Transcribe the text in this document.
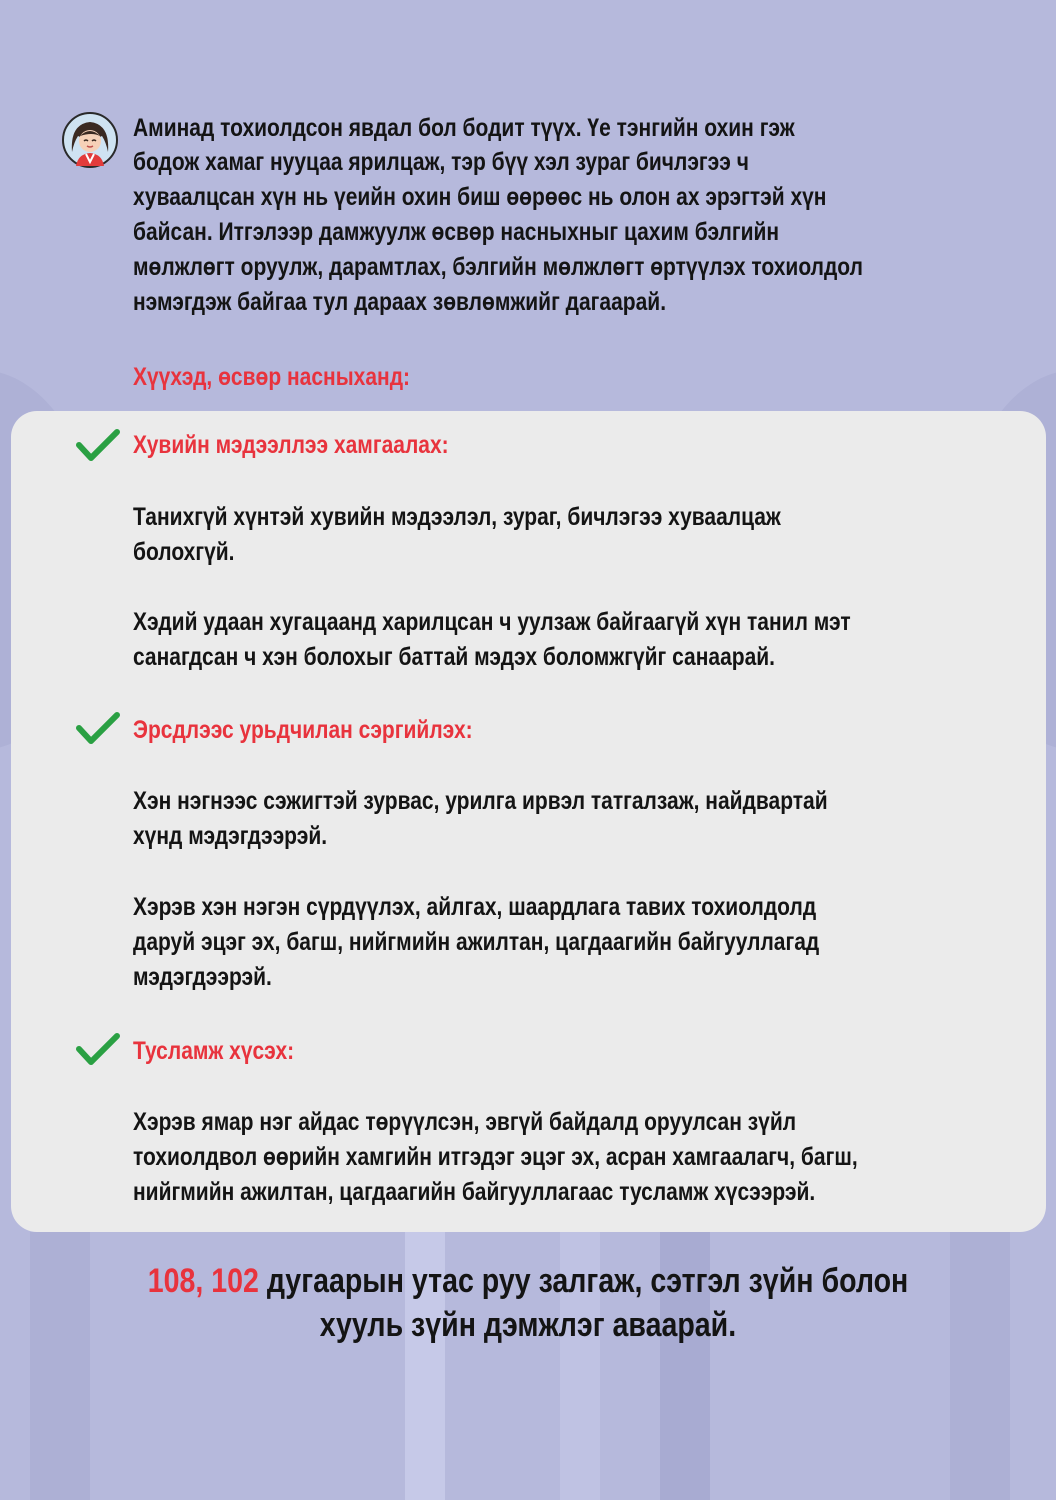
Аминад тохиолдсон явдал бол бодит түүх. Үе тэнгийн охин гэж

бодож хамаг нууцаа ярилцаж, тэр бүү хэл зураг бичлэгээ ч

хуваалцсан хүн нь үеийн охин биш өөрөөс нь олон ах эрэгтэй хүн

байсан. Итгэлээр дамжуулж өсвөр насныхныг цахим бэлгийн

мөлжлөгт оруулж, дарамтлах, бэлгийн мөлжлөгт өртүүлэх тохиолдол

нэмэгдэж байгаа тул дараах зөвлөмжийг дагаарай.

Хүүхэд, өсвөр насныханд:

Хувийн мэдээллээ хамгаалах:

Танихгүй хүнтэй хувийн мэдээлэл, зураг, бичлэгээ хуваалцаж

болохгүй.

Хэдий удаан хугацаанд харилцсан ч уулзаж байгаагүй хүн танил мэт

санагдсан ч хэн болохыг баттай мэдэх боломжгүйг санаарай.

Эрсдлээс урьдчилан сэргийлэх:

Хэн нэгнээс сэжигтэй зурвас, урилга ирвэл татгалзаж, найдвартай

хүнд мэдэгдээрэй.

Хэрэв хэн нэгэн сүрдүүлэх, айлгах, шаардлага тавих тохиолдолд

даруй эцэг эх, багш, нийгмийн ажилтан, цагдаагийн байгууллагад

мэдэгдээрэй.

Тусламж хүсэх:

Хэрэв ямар нэг айдас төрүүлсэн, эвгүй байдалд оруулсан зүйл

тохиолдвол өөрийн хамгийн итгэдэг эцэг эх, асран хамгаалагч, багш,

нийгмийн ажилтан, цагдаагийн байгууллагаас тусламж хүсээрэй.

108, 102 дугаарын утас руу залгаж, сэтгэл зүйн болон
хууль зүйн дэмжлэг аваарай.
